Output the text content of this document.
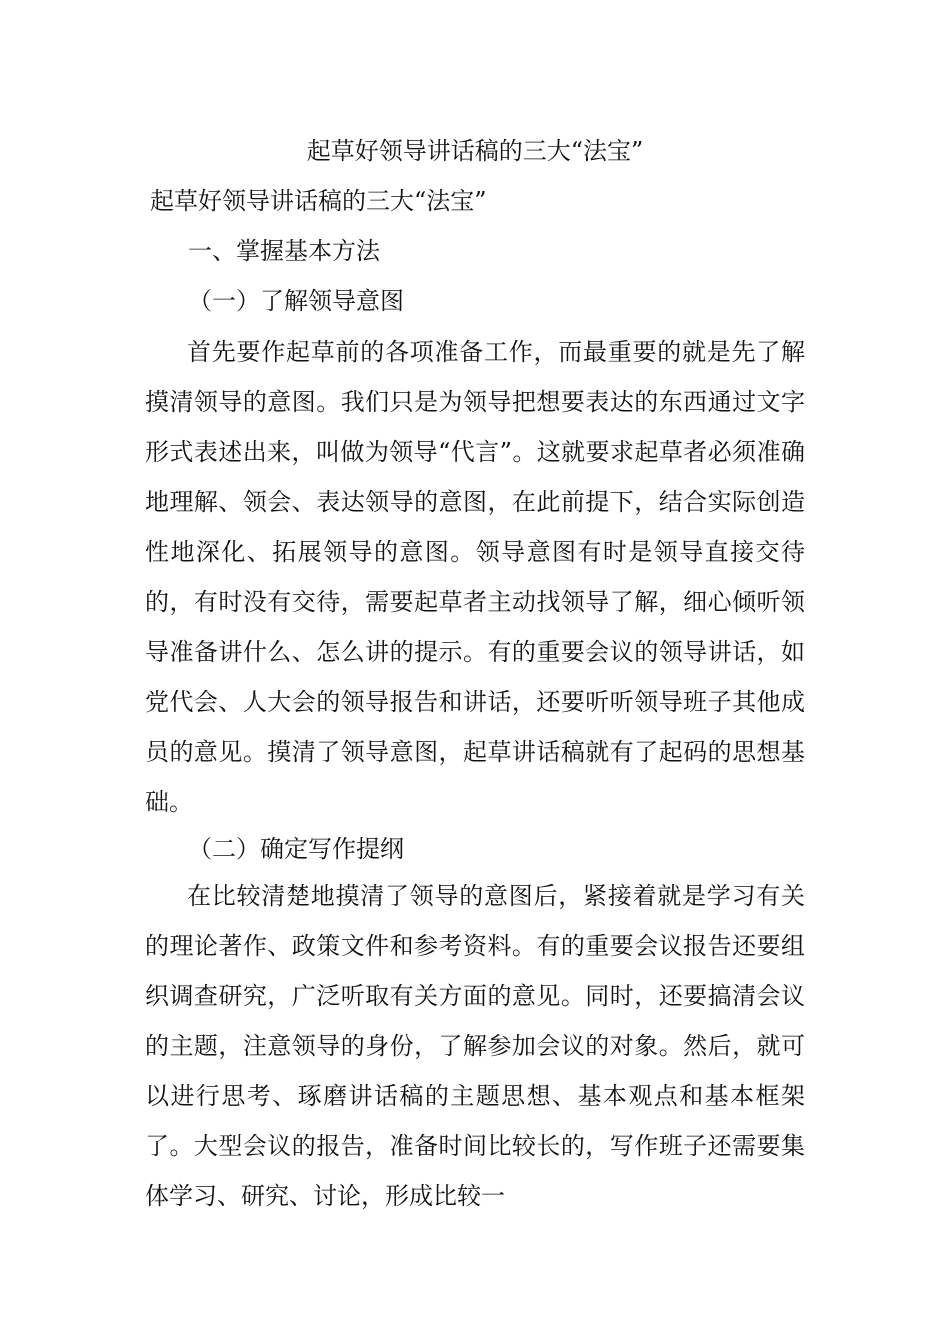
起草好领导讲话稿的三大“法宝”
起草好领导讲话稿的三大“法宝”
一、掌握基本方法
（一）了解领导意图

首先要作起草前的各项准备工作，而最重要的就是先了解摸清领导的意图。我们只是为领导把想要表达的东西通过文字形式表述出来，叫做为领导“代言”。这就要求起草者必须准确地理解、领会、表达领导的意图，在此前提下，结合实际创造性地深化、拓展领导的意图。领导意图有时是领导直接交待的，有时没有交待，需要起草者主动找领导了解，细心倾听领导准备讲什么、怎么讲的提示。有的重要会议的领导讲话，如党代会、人大会的领导报告和讲话，还要听听领导班子其他成员的意见。摸清了领导意图，起草讲话稿就有了起码的思想基础。

（二）确定写作提纲

在比较清楚地摸清了领导的意图后，紧接着就是学习有关的理论著作、政策文件和参考资料。有的重要会议报告还要组织调查研究，广泛听取有关方面的意见。同时，还要搞清会议的主题，注意领导的身份，了解参加会议的对象。然后，就可以进行思考、琢磨讲话稿的主题思想、基本观点和基本框架了。大型会议的报告，准备时间比较长的，写作班子还需要集体学习、研究、讨论，形成比较一
